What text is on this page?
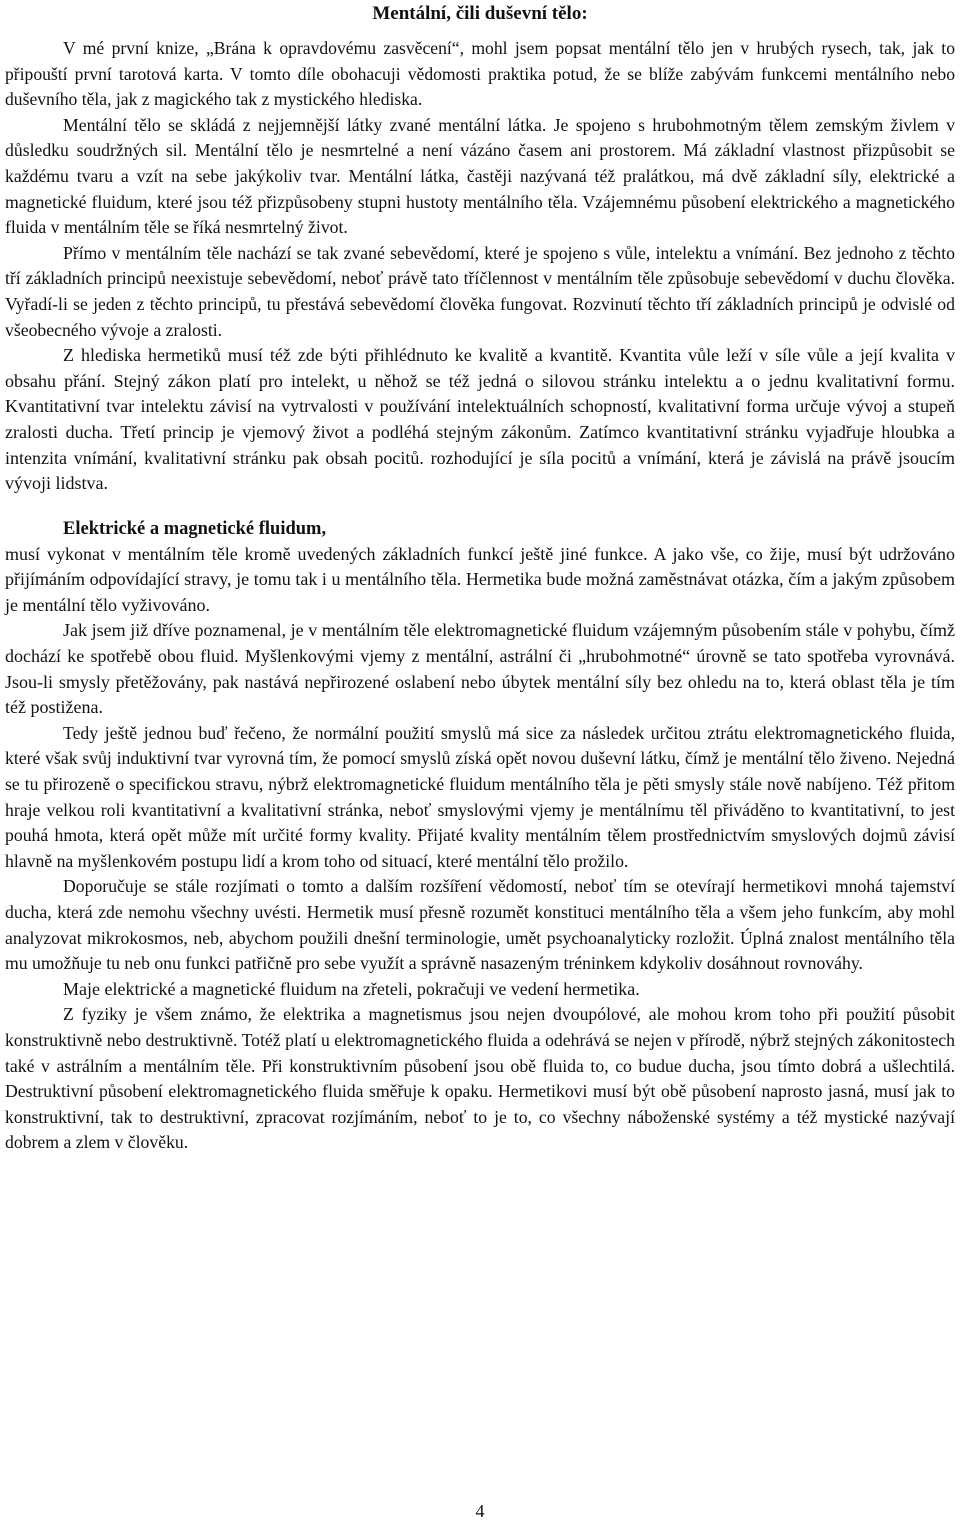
Mentální, čili duševní tělo:

V mé první knize, „Brána k opravdovému zasvěcení“, mohl jsem popsat mentální tělo jen v hrubých rysech, tak, jak to připouští první tarotová karta. V tomto díle obohacuji vědomosti praktika potud, že se blíže zabývám funkcemi mentálního nebo duševního těla, jak z magického tak z mystického hlediska.

Mentální tělo se skládá z nejjemnější látky zvané mentální látka. Je spojeno s hrubohmotným tělem zemským živlem v důsledku soudržných sil. Mentální tělo je nesmrtelné a není vázáno časem ani prostorem. Má základní vlastnost přizpůsobit se každému tvaru a vzít na sebe jakýkoliv tvar. Mentální látka, častěji nazývaná též pralátkou, má dvě základní síly, elektrické a magnetické fluidum, které jsou též přizpůsobeny stupni hustoty mentálního těla. Vzájemnému působení elektrického a magnetického fluida v mentálním těle se říká nesmrtelný život.

Přímo v mentálním těle nachází se tak zvané sebevědomí, které je spojeno s vůle, intelektu a vnímání. Bez jednoho z těchto tří základních principů neexistuje sebevědomí, neboť právě tato tříčlennost v mentálním těle způsobuje sebevědomí v duchu člověka. Vyřadí-li se jeden z těchto principů, tu přestává sebevědomí člověka fungovat. Rozvinutí těchto tří základních principů je odvislé od všeobecného vývoje a zralosti.

Z hlediska hermetiků musí též zde býti přihlédnuto ke kvalitě a kvantitě. Kvantita vůle leží v síle vůle a její kvalita v obsahu přání. Stejný zákon platí pro intelekt, u něhož se též jedná o silovou stránku intelektu a o jednu kvalitativní formu. Kvantitativní tvar intelektu závisí na vytrvalosti v používání intelektuálních schopností, kvalitativní forma určuje vývoj a stupeň zralosti ducha. Třetí princip je vjemový život a podléhá stejným zákonům. Zatímco kvantitativní stránku vyjadřuje hloubka a intenzita vnímání, kvalitativní stránku pak obsah pocitů. rozhodující je síla pocitů a vnímání, která je závislá na právě jsoucím vývoji lidstva.

Elektrické a magnetické fluidum,

musí vykonat v mentálním těle kromě uvedených základních funkcí ještě jiné funkce. A jako vše, co žije, musí být udržováno přijímáním odpovídající stravy, je tomu tak i u mentálního těla. Hermetika bude možná zaměstnávat otázka, čím a jakým způsobem je mentální tělo vyživováno.

Jak jsem již dříve poznamenal, je v mentálním těle elektromagnetické fluidum vzájemným působením stále v pohybu, čímž dochází ke spotřebě obou fluid. Myšlenkovými vjemy z mentální, astrální či „hrubohmotné“ úrovně se tato spotřeba vyrovnává. Jsou-li smysly přetěžovány, pak nastává nepřirozené oslabení nebo úbytek mentální síly bez ohledu na to, která oblast těla je tím též postižena.

Tedy ještě jednou buď řečeno, že normální použití smyslů má sice za následek určitou ztrátu elektromagnetického fluida, které však svůj induktivní tvar vyrovná tím, že pomocí smyslů získá opět novou duševní látku, čímž je mentální tělo živeno. Nejedná se tu přirozeně o specifickou stravu, nýbrž elektromagnetické fluidum mentálního těla je pěti smysly stále nově nabíjeno. Též přitom hraje velkou roli kvantitativní a kvalitativní stránka, neboť smyslovými vjemy je mentálnímu těl přiváděno to kvantitativní, to jest pouhá hmota, která opět může mít určité formy kvality. Přijaté kvality mentálním tělem prostřednictvím smyslových dojmů závisí hlavně na myšlenkovém postupu lidí a krom toho od situací, které mentální tělo prožilo.

Doporučuje se stále rozjímati o tomto a dalším rozšíření vědomostí, neboť tím se otevírají hermetikovi mnohá tajemství ducha, která zde nemohu všechny uvésti. Hermetik musí přesně rozumět konstituci mentálního těla a všem jeho funkcím, aby mohl analyzovat mikrokosmos, neb, abychom použili dnešní terminologie, umět psychoanalyticky rozložit. Úplná znalost mentálního těla mu umožňuje tu neb onu funkci patřičně pro sebe využít a správně nasazeným tréninkem kdykoliv dosáhnout rovnováhy.

Maje elektrické a magnetické fluidum na zřeteli, pokračuji ve vedení hermetika.

Z fyziky je všem známo, že elektrika a magnetismus jsou nejen dvoupólové, ale mohou krom toho při použití působit konstruktivně nebo destruktivně. Totéž platí u elektromagnetického fluida a odehrává se nejen v přírodě, nýbrž stejných zákonitostech také v astrálním a mentálním těle. Při konstruktivním působení jsou obě fluida to, co budue ducha, jsou tímto dobrá a ušlechtilá. Destruktivní působení elektromagnetického fluida směřuje k opaku. Hermetikovi musí být obě působení naprosto jasná, musí jak to konstruktivní, tak to destruktivní, zpracovat rozjímáním, neboť to je to, co všechny náboženské systémy a též mystické nazývají dobrem a zlem v člověku.

4
